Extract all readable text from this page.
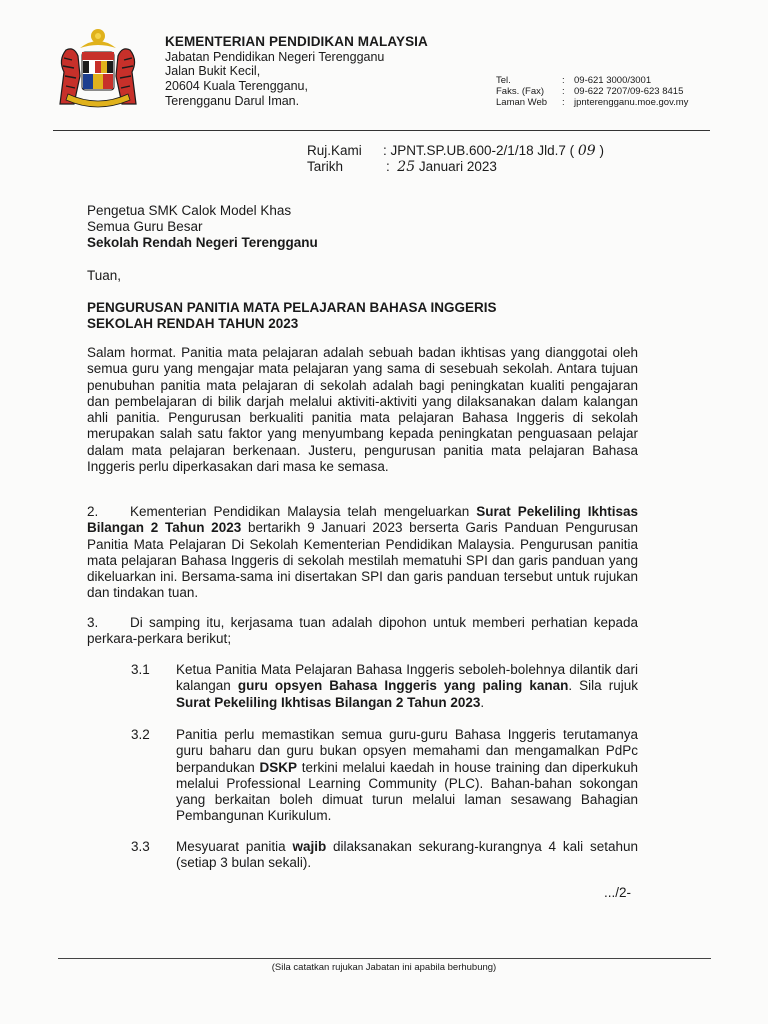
KEMENTERIAN PENDIDIKAN MALAYSIA
Jabatan Pendidikan Negeri Terengganu
Jalan Bukit Kecil,
20604 Kuala Terengganu,
Terengganu Darul Iman.
Tel.	: 09-621 3000/3001
Faks. (Fax) : 09-622 7207/09-623 8415
Laman Web : jpnterengganu.moe.gov.my
Ruj.Kami : JPNT.SP.UB.600-2/1/18 Jld.7 ( 09 )
Tarikh	: 25 Januari 2023
Pengetua SMK Calok Model Khas
Semua Guru Besar
Sekolah Rendah Negeri Terengganu
Tuan,
PENGURUSAN PANITIA MATA PELAJARAN BAHASA INGGERIS
SEKOLAH RENDAH TAHUN 2023
Salam hormat. Panitia mata pelajaran adalah sebuah badan ikhtisas yang dianggotai oleh semua guru yang mengajar mata pelajaran yang sama di sesebuah sekolah. Antara tujuan penubuhan panitia mata pelajaran di sekolah adalah bagi peningkatan kualiti pengajaran dan pembelajaran di bilik darjah melalui aktiviti-aktiviti yang dilaksanakan dalam kalangan ahli panitia. Pengurusan berkualiti panitia mata pelajaran Bahasa Inggeris di sekolah merupakan salah satu faktor yang menyumbang kepada peningkatan penguasaan pelajar dalam mata pelajaran berkenaan. Justeru, pengurusan panitia mata pelajaran Bahasa Inggeris perlu diperkasakan dari masa ke semasa.
2. Kementerian Pendidikan Malaysia telah mengeluarkan Surat Pekeliling Ikhtisas Bilangan 2 Tahun 2023 bertarikh 9 Januari 2023 berserta Garis Panduan Pengurusan Panitia Mata Pelajaran Di Sekolah Kementerian Pendidikan Malaysia. Pengurusan panitia mata pelajaran Bahasa Inggeris di sekolah mestilah mematuhi SPI dan garis panduan yang dikeluarkan ini. Bersama-sama ini disertakan SPI dan garis panduan tersebut untuk rujukan dan tindakan tuan.
3. Di samping itu, kerjasama tuan adalah dipohon untuk memberi perhatian kepada perkara-perkara berikut;
3.1 Ketua Panitia Mata Pelajaran Bahasa Inggeris seboleh-bolehnya dilantik dari kalangan guru opsyen Bahasa Inggeris yang paling kanan. Sila rujuk Surat Pekeliling Ikhtisas Bilangan 2 Tahun 2023.
3.2 Panitia perlu memastikan semua guru-guru Bahasa Inggeris terutamanya guru baharu dan guru bukan opsyen memahami dan mengamalkan PdPc berpandukan DSKP terkini melalui kaedah in house training dan diperkukuh melalui Professional Learning Community (PLC). Bahan-bahan sokongan yang berkaitan boleh dimuat turun melalui laman sesawang Bahagian Pembangunan Kurikulum.
3.3 Mesyuarat panitia wajib dilaksanakan sekurang-kurangnya 4 kali setahun (setiap 3 bulan sekali).
.../2-
(Sila catatkan rujukan Jabatan ini apabila berhubung)
